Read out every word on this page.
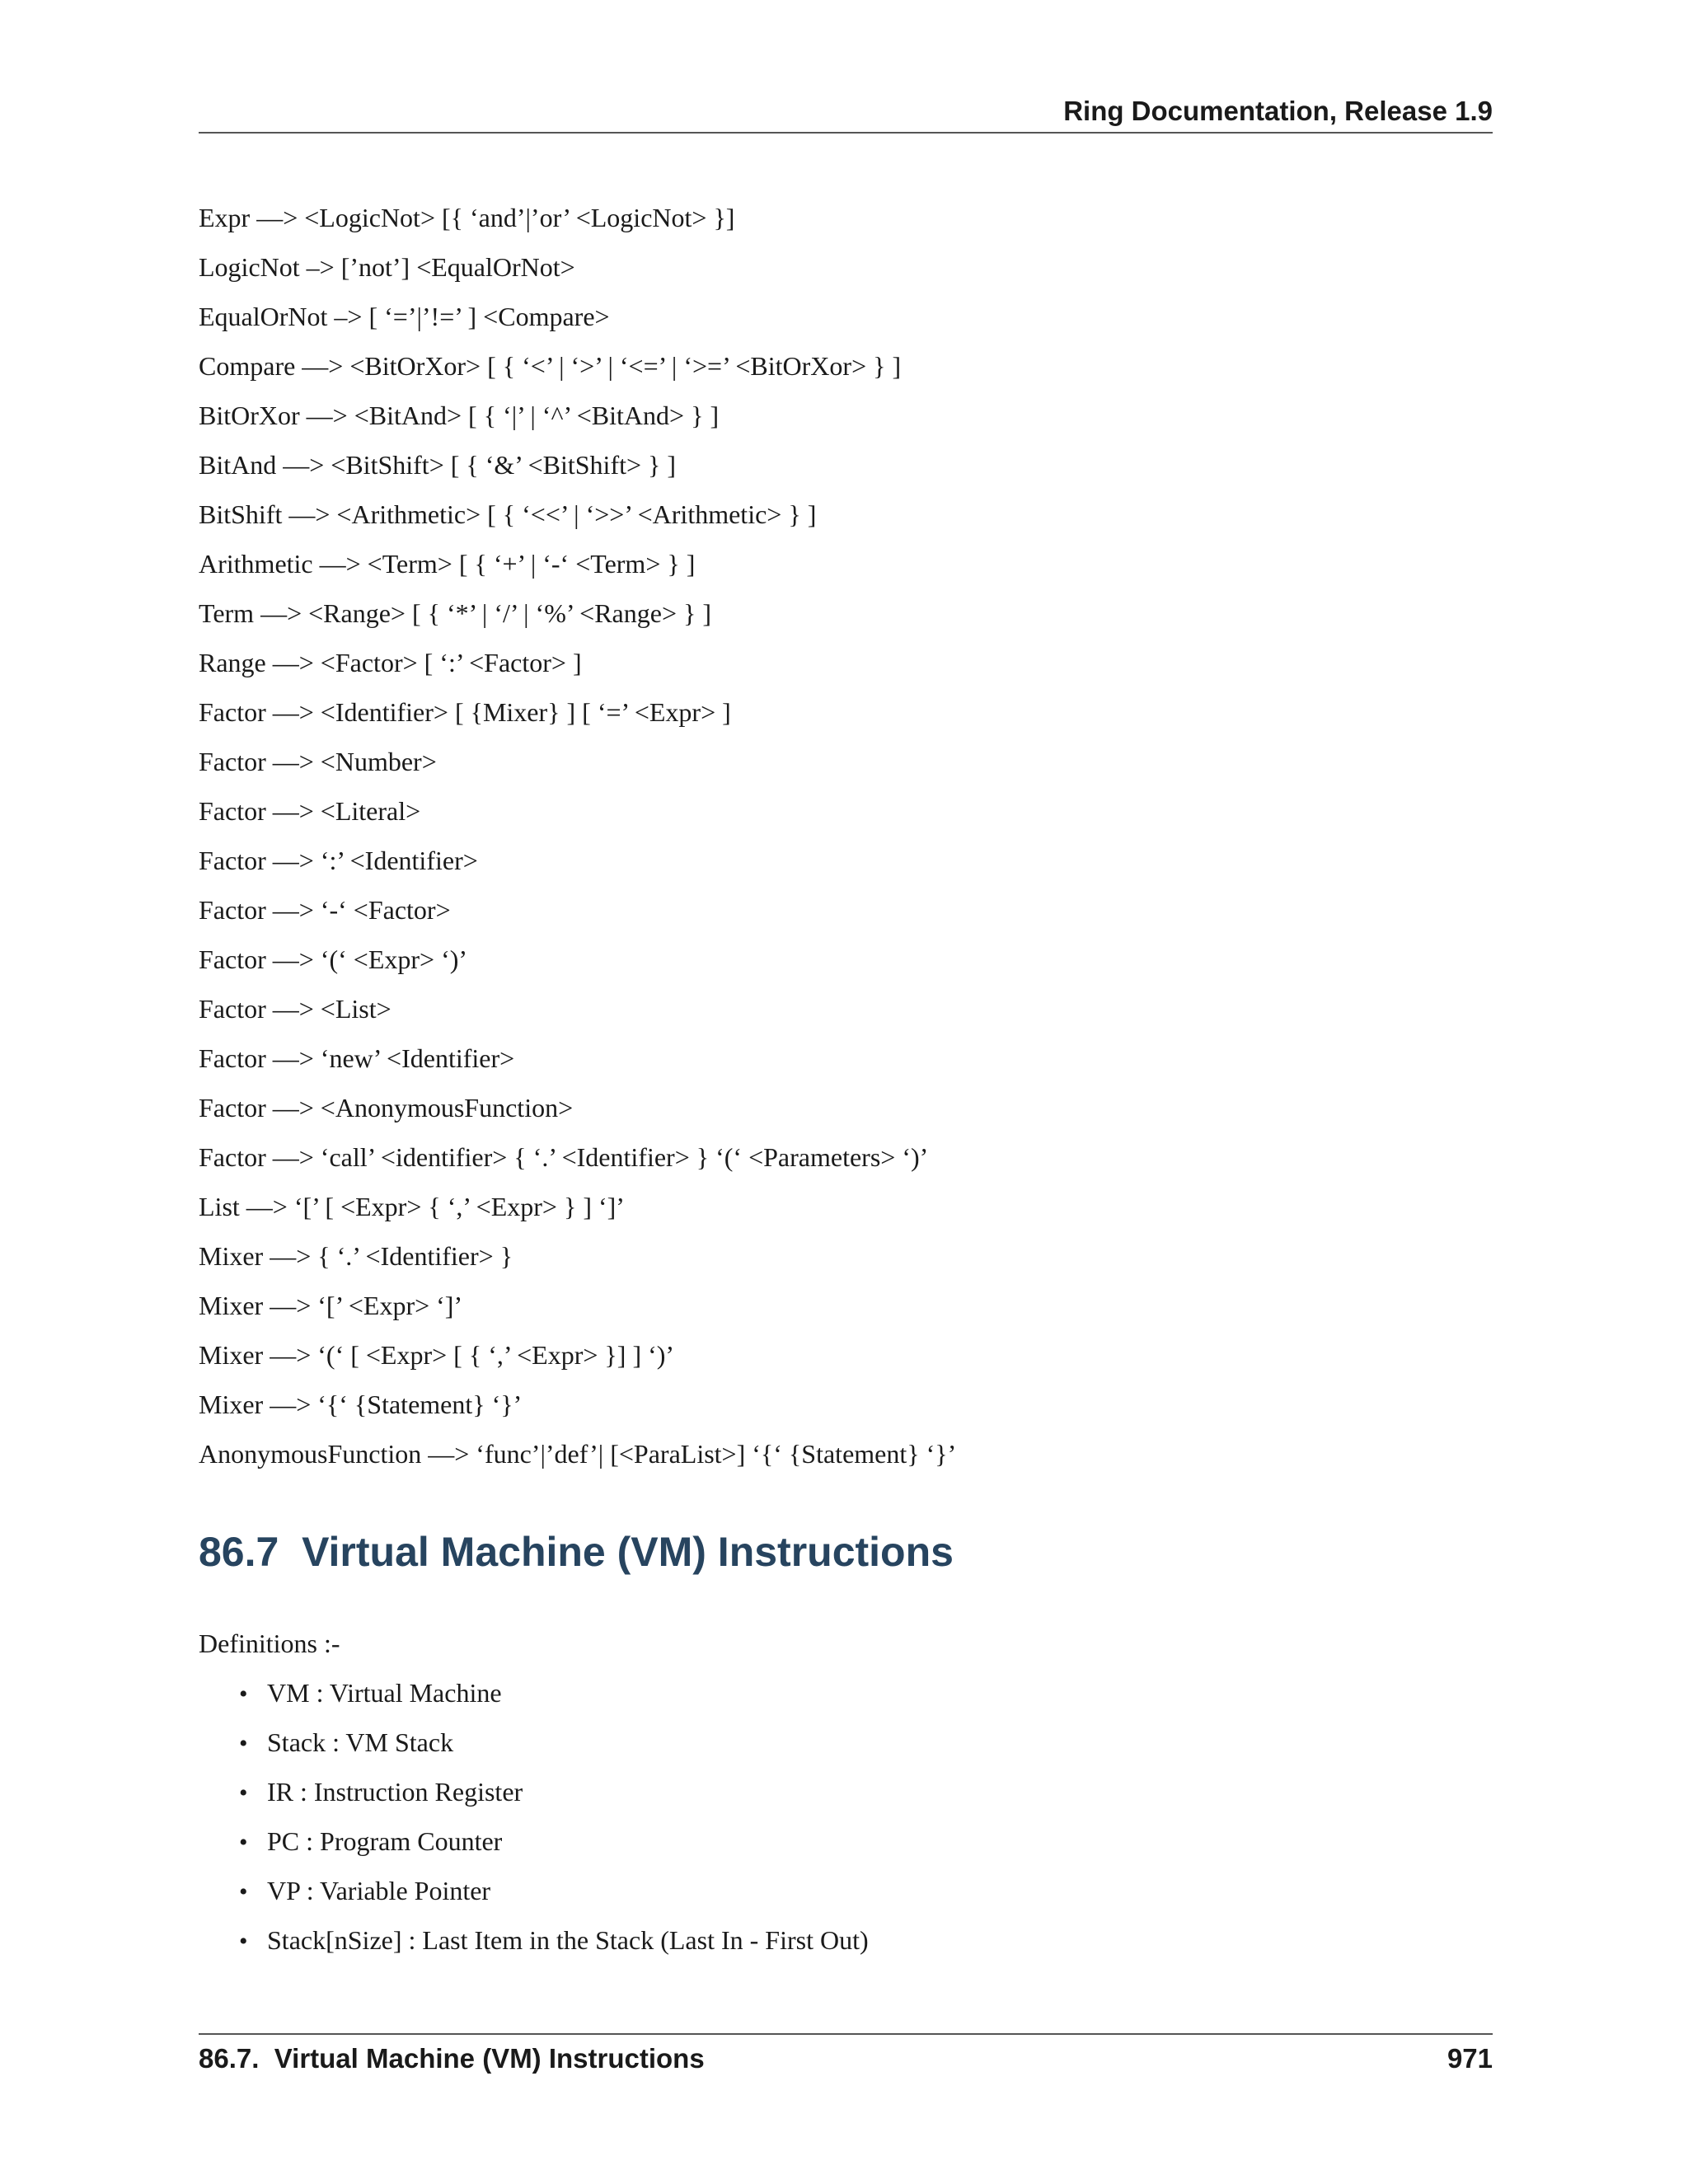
Ring Documentation, Release 1.9
Expr —> <LogicNot> [{ ‘and’|’or’ <LogicNot> }]
LogicNot –> [’not’] <EqualOrNot>
EqualOrNot –> [ ‘=’|’!=’ ] <Compare>
Compare —> <BitOrXor> [ { ‘<’ | ‘>’ | ‘<=’ | ‘>=’ <BitOrXor> } ]
BitOrXor —> <BitAnd> [ { ‘|’ | ‘^’ <BitAnd> } ]
BitAnd —> <BitShift> [ { ‘&’ <BitShift> } ]
BitShift —> <Arithmetic> [ { ‘<<’ | ‘>>’ <Arithmetic> } ]
Arithmetic —> <Term> [ { ‘+’ | ‘-‘ <Term> } ]
Term —> <Range> [ { ‘*’ | ‘/’ | ‘%’ <Range> } ]
Range —> <Factor> [ ‘:’ <Factor> ]
Factor —> <Identifier> [ {Mixer} ] [ ‘=’ <Expr> ]
Factor —> <Number>
Factor —> <Literal>
Factor —> ‘:’ <Identifier>
Factor —> ‘-‘ <Factor>
Factor —> ‘(‘ <Expr> ‘)’
Factor —> <List>
Factor —> ‘new’ <Identifier>
Factor —> <AnonymousFunction>
Factor —> ‘call’ <identifier> { ‘.’ <Identifier> } ‘(‘ <Parameters> ‘)’
List —> ‘[’ [ <Expr> { ‘,’ <Expr> } ] ‘]’
Mixer —> { ‘.’ <Identifier> }
Mixer —> ‘[’ <Expr> ‘]’
Mixer —> ‘(‘ [ <Expr> [ { ‘,’ <Expr> }] ] ‘)’
Mixer —> ‘{‘ {Statement} ‘}’
AnonymousFunction —> ‘func’|’def’| [<ParaList>] ‘{‘ {Statement} ‘}’
86.7  Virtual Machine (VM) Instructions

Definitions :-

• VM : Virtual Machine
• Stack : VM Stack
• IR : Instruction Register
• PC : Program Counter
• VP : Variable Pointer
• Stack[nSize] : Last Item in the Stack (Last In - First Out)
86.7.  Virtual Machine (VM) Instructions	971
